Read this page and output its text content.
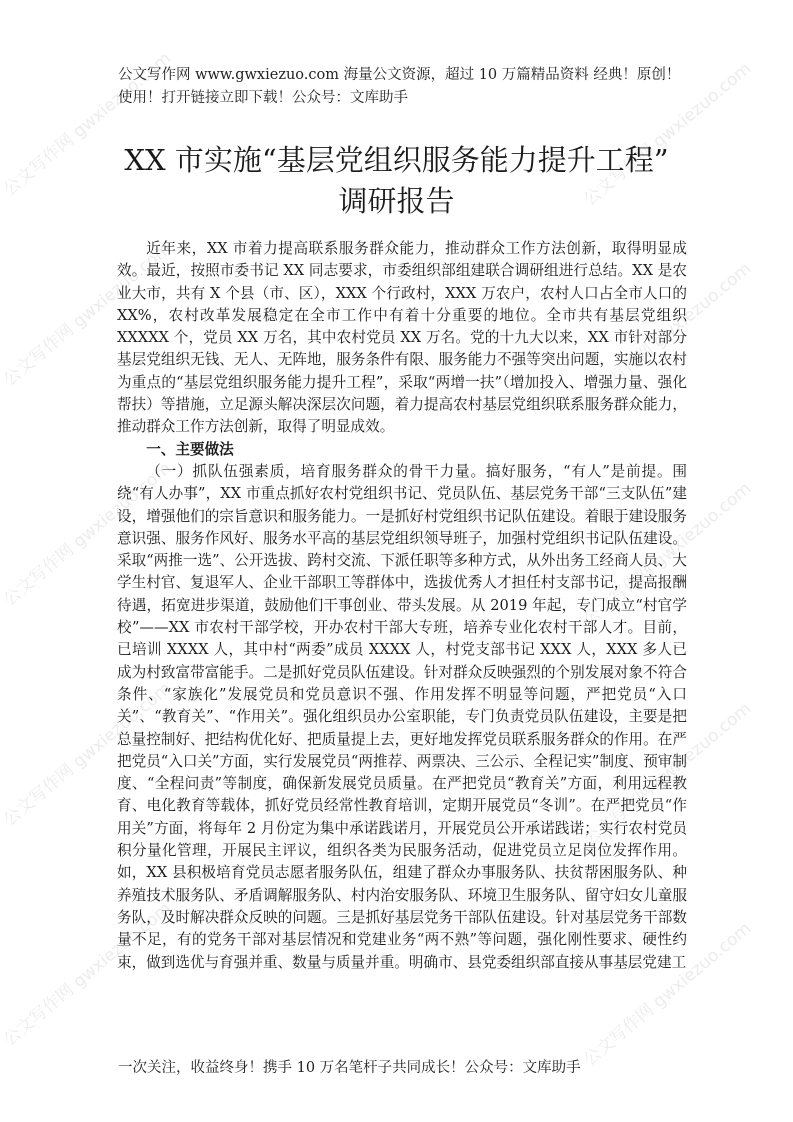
公文写作网 gwxiezuo.com	公文写作网 gwxiezuo.com
公文写作网 gwxiezuo.com	公文写作网 gwxiezuo.com
公文写作网 gwxiezuo.com	公文写作网 gwxiezuo.com
公文写作网 gwxiezuo.com	公文写作网 gwxiezuo.com
公文写作网 gwxiezuo.com	公文写作网 gwxiezuo.com
公文写作网 www.gwxiezuo.com 海量公文资源，超过 10 万篇精品资料 经典！原创！使用！打开链接立即下载！公众号：文库助手
XX 市实施“基层党组织服务能力提升工程”
调研报告

近年来，XX 市着力提高联系服务群众能力，推动群众工作方法创新，取得明显成效。最近，按照市委书记 XX 同志要求，市委组织部组建联合调研组进行总结。XX 是农业大市，共有 X 个县（市、区），XXX 个行政村，XXX 万农户，农村人口占全市人口的 XX%，农村改革发展稳定在全市工作中有着十分重要的地位。全市共有基层党组织 XXXXX 个，党员 XX 万名，其中农村党员 XX 万名。党的十九大以来，XX 市针对部分基层党组织无钱、无人、无阵地，服务条件有限、服务能力不强等突出问题，实施以农村为重点的“基层党组织服务能力提升工程”，采取“两增一扶”（增加投入、增强力量、强化帮扶）等措施，立足源头解决深层次问题，着力提高农村基层党组织联系服务群众能力，推动群众工作方法创新，取得了明显成效。

一、主要做法

（一）抓队伍强素质，培育服务群众的骨干力量。搞好服务，“有人”是前提。围绕“有人办事”，XX 市重点抓好农村党组织书记、党员队伍、基层党务干部“三支队伍”建设，增强他们的宗旨意识和服务能力。一是抓好村党组织书记队伍建设。着眼于建设服务意识强、服务作风好、服务水平高的基层党组织领导班子，加强村党组织书记队伍建设。采取“两推一选”、公开选拔、跨村交流、下派任职等多种方式，从外出务工经商人员、大学生村官、复退军人、企业干部职工等群体中，选拔优秀人才担任村支部书记，提高报酬待遇，拓宽进步渠道，鼓励他们干事创业、带头发展。从 2019 年起，专门成立“村官学校”——XX 市农村干部学校，开办农村干部大专班，培养专业化农村干部人才。目前，已培训 XXXX 人，其中村“两委”成员 XXXX 人，村党支部书记 XXX 人，XXX 多人已成为村致富带富能手。二是抓好党员队伍建设。针对群众反映强烈的个别发展对象不符合条件、“家族化”发展党员和党员意识不强、作用发挥不明显等问题，严把党员“入口关”、“教育关”、“作用关”。强化组织员办公室职能，专门负责党员队伍建设，主要是把总量控制好、把结构优化好、把质量提上去，更好地发挥党员联系服务群众的作用。在严把党员“入口关”方面，实行发展党员“两推荐、两票决、三公示、全程记实”制度、预审制度、“全程问责”等制度，确保新发展党员质量。在严把党员“教育关”方面，利用远程教育、电化教育等载体，抓好党员经常性教育培训，定期开展党员“冬训”。在严把党员“作用关”方面，将每年 2 月份定为集中承诺践诺月，开展党员公开承诺践诺；实行农村党员积分量化管理，开展民主评议，组织各类为民服务活动，促进党员立足岗位发挥作用。如，XX 县积极培育党员志愿者服务队伍，组建了群众办事服务队、扶贫帮困服务队、种养殖技术服务队、矛盾调解服务队、村内治安服务队、环境卫生服务队、留守妇女儿童服务队，及时解决群众反映的问题。三是抓好基层党务干部队伍建设。针对基层党务干部数量不足，有的党务干部对基层情况和党建业务“两不熟”等问题，强化刚性要求、硬性约束，做到选优与育强并重、数量与质量并重。明确市、县党委组织部直接从事基层党建工

一次关注，收益终身！携手 10 万名笔杆子共同成长！公众号：文库助手
